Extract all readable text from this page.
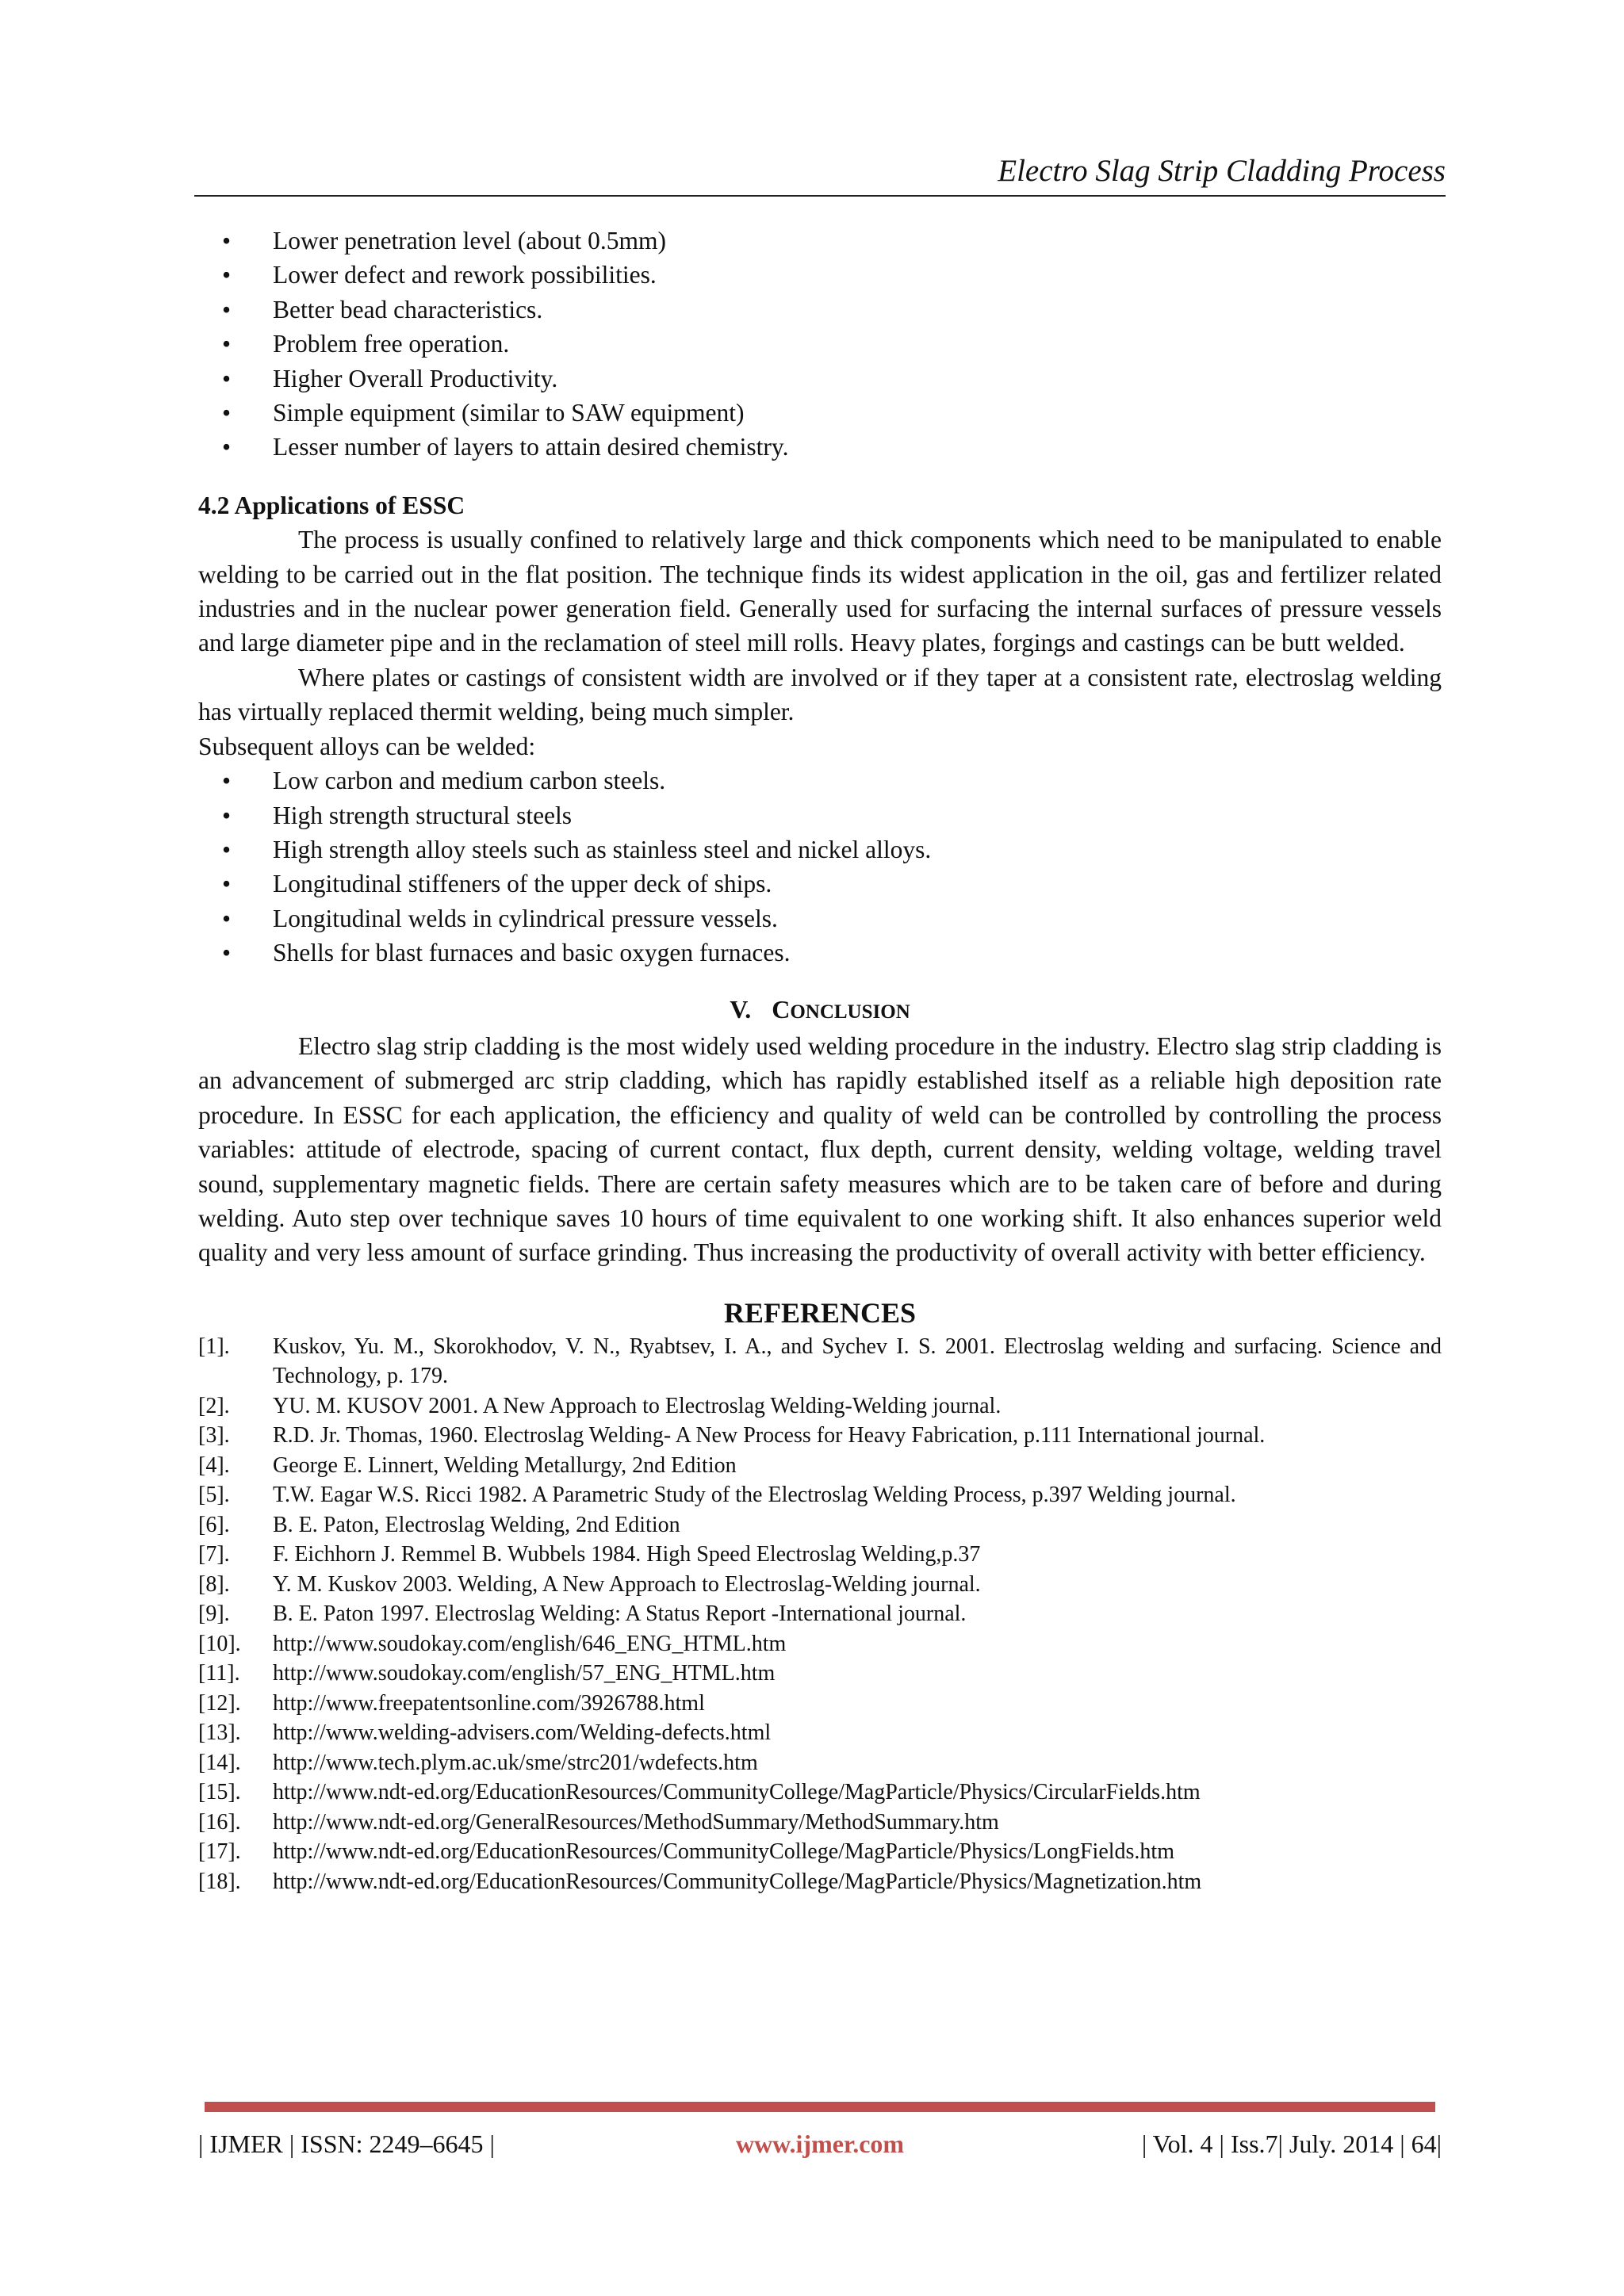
Electro Slag Strip Cladding Process
• Lower penetration level (about 0.5mm)
• Lower defect and rework possibilities.
• Better bead characteristics.
• Problem free operation.
• Higher Overall Productivity.
• Simple equipment (similar to SAW equipment)
• Lesser number of layers to attain desired chemistry.
4.2 Applications of ESSC

The process is usually confined to relatively large and thick components which need to be manipulated to enable welding to be carried out in the flat position. The technique finds its widest application in the oil, gas and fertilizer related industries and in the nuclear power generation field. Generally used for surfacing the internal surfaces of pressure vessels and large diameter pipe and in the reclamation of steel mill rolls. Heavy plates, forgings and castings can be butt welded.

Where plates or castings of consistent width are involved or if they taper at a consistent rate, electroslag welding has virtually replaced thermit welding, being much simpler.

Subsequent alloys can be welded:

• Low carbon and medium carbon steels.
• High strength structural steels
• High strength alloy steels such as stainless steel and nickel alloys.
• Longitudinal stiffeners of the upper deck of ships.
• Longitudinal welds in cylindrical pressure vessels.
• Shells for blast furnaces and basic oxygen furnaces.
V. CONCLUSION

Electro slag strip cladding is the most widely used welding procedure in the industry. Electro slag strip cladding is an advancement of submerged arc strip cladding, which has rapidly established itself as a reliable high deposition rate procedure. In ESSC for each application, the efficiency and quality of weld can be controlled by controlling the process variables: attitude of electrode, spacing of current contact, flux depth, current density, welding voltage, welding travel sound, supplementary magnetic fields. There are certain safety measures which are to be taken care of before and during welding. Auto step over technique saves 10 hours of time equivalent to one working shift. It also enhances superior weld quality and very less amount of surface grinding. Thus increasing the productivity of overall activity with better efficiency.

REFERENCES
[1].	Kuskov, Yu. M., Skorokhodov, V. N., Ryabtsev, I. A., and Sychev I. S. 2001. Electroslag welding and surfacing. Science and Technology, p. 179.
[2].	YU. M. KUSOV 2001. A New Approach to Electroslag Welding-Welding journal.
[3].	R.D. Jr. Thomas, 1960. Electroslag Welding- A New Process for Heavy Fabrication, p.111 International journal.
[4].	George E. Linnert, Welding Metallurgy, 2nd Edition
[5].	T.W. Eagar W.S. Ricci 1982. A Parametric Study of the Electroslag Welding Process, p.397 Welding journal.
[6].	B. E. Paton, Electroslag Welding, 2nd Edition
[7].	F. Eichhorn J. Remmel B. Wubbels 1984. High Speed Electroslag Welding,p.37
[8].	Y. M. Kuskov 2003. Welding, A New Approach to Electroslag-Welding journal.
[9].	B. E. Paton 1997. Electroslag Welding: A Status Report -International journal.
[10].	http://www.soudokay.com/english/646_ENG_HTML.htm
[11].	http://www.soudokay.com/english/57_ENG_HTML.htm
[12].	http://www.freepatentsonline.com/3926788.html
[13].	http://www.welding-advisers.com/Welding-defects.html
[14].	http://www.tech.plym.ac.uk/sme/strc201/wdefects.htm
[15].	http://www.ndt-ed.org/EducationResources/CommunityCollege/MagParticle/Physics/CircularFields.htm
[16].	http://www.ndt-ed.org/GeneralResources/MethodSummary/MethodSummary.htm
[17].	http://www.ndt-ed.org/EducationResources/CommunityCollege/MagParticle/Physics/LongFields.htm
[18].	http://www.ndt-ed.org/EducationResources/CommunityCollege/MagParticle/Physics/Magnetization.htm
| IJMER | ISSN: 2249–6645 |	www.ijmer.com	| Vol. 4 | Iss.7| July. 2014 | 64|
